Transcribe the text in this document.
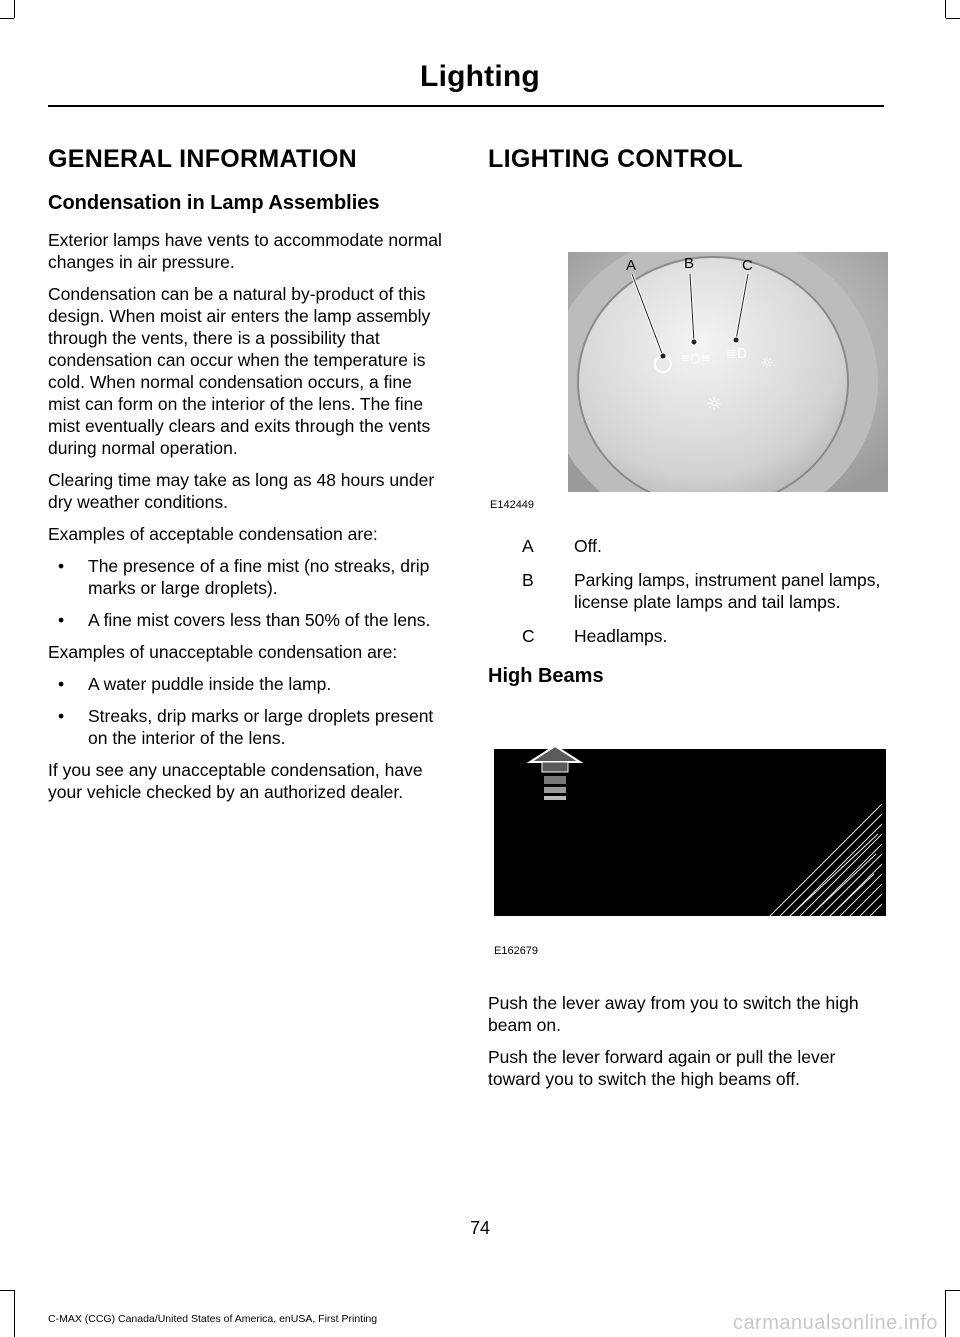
Lighting
GENERAL INFORMATION
Condensation in Lamp Assemblies
Exterior lamps have vents to accommodate normal changes in air pressure.
Condensation can be a natural by-product of this design. When moist air enters the lamp assembly through the vents, there is a possibility that condensation can occur when the temperature is cold. When normal condensation occurs, a fine mist can form on the interior of the lens. The fine mist eventually clears and exits through the vents during normal operation.
Clearing time may take as long as 48 hours under dry weather conditions.
Examples of acceptable condensation are:
• The presence of a fine mist (no streaks, drip marks or large droplets).
• A fine mist covers less than 50% of the lens.
Examples of unacceptable condensation are:
• A water puddle inside the lamp.
• Streaks, drip marks or large droplets present on the interior of the lens.
If you see any unacceptable condensation, have your vehicle checked by an authorized dealer.
LIGHTING CONTROL
≡○≡ ≣D ☼
☼
A	B	C
E142449
A	Off.
B	Parking lamps, instrument panel lamps, license plate lamps and tail lamps.
C	Headlamps.
High Beams
E162679
Push the lever away from you to switch the high beam on.
Push the lever forward again or pull the lever toward you to switch the high beams off.
74
C-MAX (CCG) Canada/United States of America, enUSA, First Printing	carmanualsonline.info
